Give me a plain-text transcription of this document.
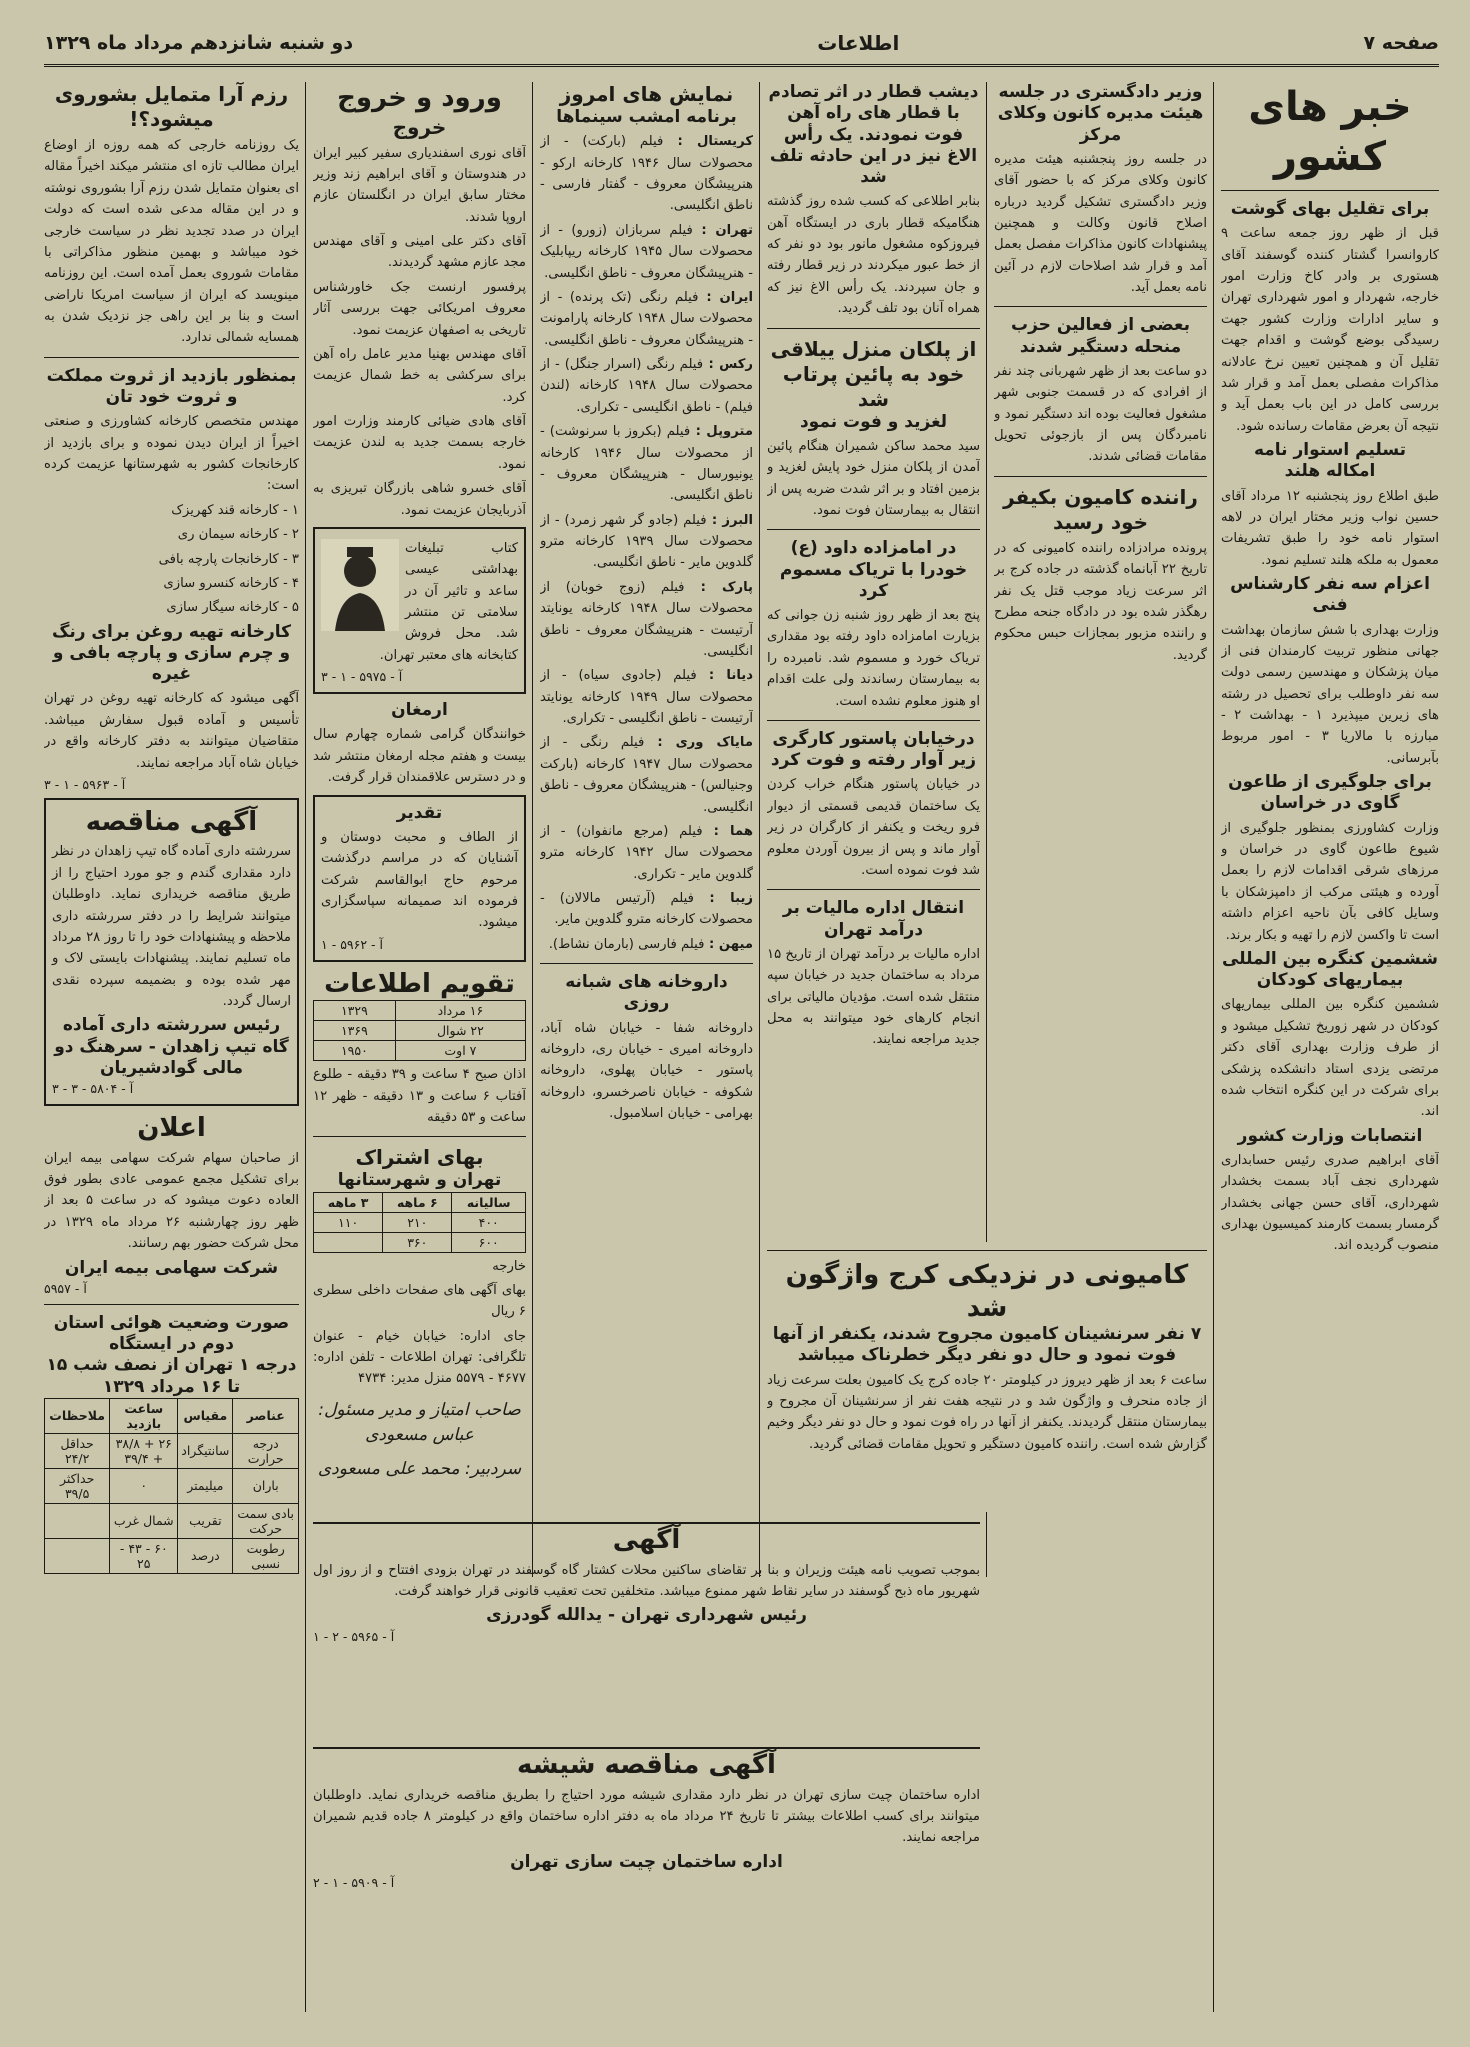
صفحه ۷
اطلاعات
دو شنبه شانزدهم مرداد ماه ۱۳۲۹
خبر های کشور
برای تقلیل بهای گوشت

قبل از ظهر روز جمعه ساعت ۹ کاروانسرا گشتار کننده گوسفند آقای هستوری بر وادر کاخ وزارت امور خارجه، شهردار و امور شهرداری تهران و سایر ادارات وزارت کشور جهت رسیدگی بوضع گوشت و اقدام جهت تقلیل آن و همچنین تعیین نرخ عادلانه مذاکرات مفصلی بعمل آمد و قرار شد بررسی کامل در این باب بعمل آید و نتیجه آن بعرض مقامات رسانده شود.

تسلیم استوار نامه
امکاله هلند

طبق اطلاع روز پنجشنبه ۱۲ مرداد آقای حسین نواب وزیر مختار ایران در لاهه استوار نامه خود را طبق تشریفات معمول به ملکه هلند تسلیم نمود.

اعزام سه نفر کارشناس فنی

وزارت بهداری با شش سازمان بهداشت جهانی منظور تربیت کارمندان فنی از میان پزشکان و مهندسین رسمی دولت سه نفر داوطلب برای تحصیل در رشته های زیرین میپذیرد ۱ - بهداشت ۲ - مبارزه با مالاریا ۳ - امور مربوط بآبرسانی.

برای جلوگیری از طاعون گاوی در خراسان

وزارت کشاورزی بمنظور جلوگیری از شیوع طاعون گاوی در خراسان و مرزهای شرقی اقدامات لازم را بعمل آورده و هیئتی مرکب از دامپزشکان با وسایل کافی بآن ناحیه اعزام داشته است تا واکسن لازم را تهیه و بکار برند.

ششمین کنگره بین المللی بیماریهای کودکان

ششمین کنگره بین المللی بیماریهای کودکان در شهر زوریخ تشکیل میشود و از طرف وزارت بهداری آقای دکتر مرتضی یزدی استاد دانشکده پزشکی برای شرکت در این کنگره انتخاب شده اند.

انتصابات وزارت کشور

آقای ابراهیم صدری رئیس حسابداری شهرداری نجف آباد بسمت بخشدار شهرداری، آقای حسن جهانی بخشدار گرمسار بسمت کارمند کمیسیون بهداری منصوب گردیده اند.

وزیر دادگستری در جلسه هیئت مدیره کانون وکلای مرکز

در جلسه روز پنجشنبه هیئت مدیره کانون وکلای مرکز که با حضور آقای وزیر دادگستری تشکیل گردید درباره اصلاح قانون وکالت و همچنین پیشنهادات کانون مذاکرات مفصل بعمل آمد و قرار شد اصلاحات لازم در آئین نامه بعمل آید.

بعضی از فعالین حزب منحله دستگیر شدند

دو ساعت بعد از ظهر شهربانی چند نفر از افرادی که در قسمت جنوبی شهر مشغول فعالیت بوده اند دستگیر نمود و نامبردگان پس از بازجوئی تحویل مقامات قضائی شدند.

راننده کامیون بکیفر خود رسید

پرونده مرادزاده راننده کامیونی که در تاریخ ۲۲ آبانماه گذشته در جاده کرج بر اثر سرعت زیاد موجب قتل یک نفر رهگذر شده بود در دادگاه جنحه مطرح و راننده مزبور بمجازات حبس محکوم گردید.

کامیونی در نزدیکی کرج واژگون شد
۷ نفر سرنشینان کامیون مجروح شدند، یکنفر از آنها فوت نمود و حال دو نفر دیگر خطرناک میباشد

ساعت ۶ بعد از ظهر دیروز در کیلومتر ۲۰ جاده کرج یک کامیون بعلت سرعت زیاد از جاده منحرف و واژگون شد و در نتیجه هفت نفر از سرنشینان آن مجروح و بیمارستان منتقل گردیدند. یکنفر از آنها در راه فوت نمود و حال دو نفر دیگر وخیم گزارش شده است. راننده کامیون دستگیر و تحویل مقامات قضائی گردید.

دیشب قطار در اثر تصادم با قطار های راه آهن فوت نمودند. یک رأس الاغ نیز در این حادثه تلف شد

بنابر اطلاعی که کسب شده روز گذشته هنگامیکه قطار باری در ایستگاه آهن فیروزکوه مشغول مانور بود دو نفر که از خط عبور میکردند در زیر قطار رفته و جان سپردند. یک رأس الاغ نیز که همراه آنان بود تلف گردید.

از پلکان منزل ییلاقی خود به پائین پرتاب شد
لغزید و فوت نمود

سید محمد ساکن شمیران هنگام پائین آمدن از پلکان منزل خود پایش لغزید و بزمین افتاد و بر اثر شدت ضربه پس از انتقال به بیمارستان فوت نمود.

در امامزاده داود (ع) خودرا با تریاک مسموم کرد

پنج بعد از ظهر روز شنبه زن جوانی که بزیارت امامزاده داود رفته بود مقداری تریاک خورد و مسموم شد. نامبرده را به بیمارستان رساندند ولی علت اقدام او هنوز معلوم نشده است.

درخیابان پاستور کارگری زیر آوار رفته و فوت کرد

در خیابان پاستور هنگام خراب کردن یک ساختمان قدیمی قسمتی از دیوار فرو ریخت و یکنفر از کارگران در زیر آوار ماند و پس از بیرون آوردن معلوم شد فوت نموده است.

انتقال اداره مالیات بر درآمد تهران

اداره مالیات بر درآمد تهران از تاریخ ۱۵ مرداد به ساختمان جدید در خیابان سپه منتقل شده است. مؤدیان مالیاتی برای انجام کارهای خود میتوانند به محل جدید مراجعه نمایند.

نمایش های امروز
برنامه امشب سینماها

کریستال : فیلم (بارکت) - از محصولات سال ۱۹۴۶ کارخانه ارکو - هنرپیشگان معروف - گفتار فارسی - ناطق انگلیسی.

تهران : فیلم سربازان (زورو) - از محصولات سال ۱۹۴۵ کارخانه ریپابلیک - هنرپیشگان معروف - ناطق انگلیسی.

ایران : فیلم رنگی (تک پرنده) - از محصولات سال ۱۹۴۸ کارخانه پارامونت - هنرپیشگان معروف - ناطق انگلیسی.

رکس : فیلم رنگی (اسرار جنگل) - از محصولات سال ۱۹۴۸ کارخانه (لندن فیلم) - ناطق انگلیسی - تکراری.

متروپل : فیلم (بکروز با سرنوشت) - از محصولات سال ۱۹۴۶ کارخانه یونیورسال - هنرپیشگان معروف - ناطق انگلیسی.

البرز : فیلم (جادو گر شهر زمرد) - از محصولات سال ۱۹۳۹ کارخانه مترو گلدوین مایر - ناطق انگلیسی.

پارک : فیلم (زوج خوبان) از محصولات سال ۱۹۴۸ کارخانه یونایتد آرتیست - هنرپیشگان معروف - ناطق انگلیسی.

دیانا : فیلم (جادوی سیاه) - از محصولات سال ۱۹۴۹ کارخانه یونایتد آرتیست - ناطق انگلیسی - تکراری.

مایاک وری : فیلم رنگی - از محصولات سال ۱۹۴۷ کارخانه (بارکت وجنیالس) - هنرپیشگان معروف - ناطق انگلیسی.

هما : فیلم (مرجع مانفوان) - از محصولات سال ۱۹۴۲ کارخانه مترو گلدوین مایر - تکراری.

زیبا : فیلم (آرتیس مالالان) - محصولات کارخانه مترو گلدوین مایر.

میهن : فیلم فارسی (بارمان نشاط).

داروخانه های شبانه روزی

داروخانه شفا - خیابان شاه آباد، داروخانه امیری - خیابان ری، داروخانه پاستور - خیابان پهلوی، داروخانه شکوفه - خیابان ناصرخسرو، داروخانه بهرامی - خیابان اسلامبول.

ورود و خروج
خروج

آقای نوری اسفندیاری سفیر کبیر ایران در هندوستان و آقای ابراهیم زند وزیر مختار سابق ایران در انگلستان عازم اروپا شدند.

آقای دکتر علی امینی و آقای مهندس مجد عازم مشهد گردیدند.

پرفسور ارنست جک خاورشناس معروف امریکائی جهت بررسی آثار تاریخی به اصفهان عزیمت نمود.

آقای مهندس بهنیا مدیر عامل راه آهن برای سرکشی به خط شمال عزیمت کرد.

آقای هادی ضیائی کارمند وزارت امور خارجه بسمت جدید به لندن عزیمت نمود.

آقای خسرو شاهی بازرگان تبریزی به آذربایجان عزیمت نمود.

کتاب تبلیغات بهداشتی عیسی ساعد و تاثیر آن در سلامتی تن منتشر شد. محل فروش کتابخانه های معتبر تهران.

آ - ۵۹۷۵ - ۱ - ۳
ارمغان

خوانندگان گرامی شماره چهارم سال بیست و هفتم مجله ارمغان منتشر شد و در دسترس علاقمندان قرار گرفت.

تقدیر

از الطاف و محبت دوستان و آشنایان که در مراسم درگذشت مرحوم حاج ابوالقاسم شرکت فرموده اند صمیمانه سپاسگزاری میشود.

آ - ۵۹۶۲ - ۱
تقویم اطلاعات
۱۶ مرداد	۱۳۲۹
۲۲ شوال	۱۳۶۹
۷ اوت	۱۹۵۰

اذان صبح ۴ ساعت و ۳۹ دقیقه - طلوع آفتاب ۶ ساعت و ۱۳ دقیقه - ظهر ۱۲ ساعت و ۵۳ دقیقه

بهای اشتراک
تهران و شهرستانها
سالیانه	۶ ماهه	۳ ماهه
۴۰۰	۲۱۰	۱۱۰
۶۰۰	۳۶۰	

خارجه

بهای آگهی های صفحات داخلی سطری ۶ ریال

جای اداره: خیابان خیام - عنوان تلگرافی: تهران اطلاعات - تلفن اداره: ۴۶۷۷ - ۵۵۷۹ منزل مدیر: ۴۷۳۴

صاحب امتیاز و مدیر مسئول: عباس مسعودی
سردبیر: محمد علی مسعودی
رزم آرا متمایل بشوروی میشود؟!

یک روزنامه خارجی که همه روزه از اوضاع ایران مطالب تازه ای منتشر میکند اخیراً مقاله ای بعنوان متمایل شدن رزم آرا بشوروی نوشته و در این مقاله مدعی شده است که دولت ایران در صدد تجدید نظر در سیاست خارجی خود میباشد و بهمین منظور مذاکراتی با مقامات شوروی بعمل آمده است. این روزنامه مینویسد که ایران از سیاست امریکا ناراضی است و بنا بر این راهی جز نزدیک شدن به همسایه شمالی ندارد.

بمنظور بازدید از ثروت مملکت و ثروت خود تان

مهندس متخصص کارخانه کشاورزی و صنعتی اخیراً از ایران دیدن نموده و برای بازدید از کارخانجات کشور به شهرستانها عزیمت کرده است:

۱ - کارخانه قند کهریزک

۲ - کارخانه سیمان ری

۳ - کارخانجات پارچه بافی

۴ - کارخانه کنسرو سازی

۵ - کارخانه سیگار سازی

کارخانه تهیه روغن برای رنگ و چرم سازی و پارچه بافی و غیره

آگهی میشود که کارخانه تهیه روغن در تهران تأسیس و آماده قبول سفارش میباشد. متقاضیان میتوانند به دفتر کارخانه واقع در خیابان شاه آباد مراجعه نمایند.

آ - ۵۹۶۳ - ۱ - ۳
آگهی مناقصه

سررشته داری آماده گاه تیپ زاهدان در نظر دارد مقداری گندم و جو مورد احتیاج را از طریق مناقصه خریداری نماید. داوطلبان میتوانند شرایط را در دفتر سررشته داری ملاحظه و پیشنهادات خود را تا روز ۲۸ مرداد ماه تسلیم نمایند. پیشنهادات بایستی لاک و مهر شده بوده و بضمیمه سپرده نقدی ارسال گردد.

رئیس سررشته داری آماده گاه تیپ زاهدان - سرهنگ دو مالی گوادشیریان
آ - ۵۸۰۴ - ۳ - ۳
اعلان

از صاحبان سهام شرکت سهامی بیمه ایران برای تشکیل مجمع عمومی عادی بطور فوق العاده دعوت میشود که در ساعت ۵ بعد از ظهر روز چهارشنبه ۲۶ مرداد ماه ۱۳۲۹ در محل شرکت حضور بهم رسانند.

شرکت سهامی بیمه ایران
آ - ۵۹۵۷
صورت وضعیت هوائی استان دوم در ایستگاه
درجه ۱ تهران از نصف شب ۱۵ تا ۱۶ مرداد ۱۳۲۹
عناصر	مقیاس	ساعت بازدید	ملاحظات
درجه حرارت	سانتیگراد	۲۶ + ۳۸/۸ + ۳۹/۴	حداقل ۲۴/۲
باران	میلیمتر	۰	حداکثر ۳۹/۵
بادی سمت حرکت	تقریب	شمال غرب	
رطوبت نسبی	درصد	۶۰ - ۴۳ - ۲۵	
آگهی

بموجب تصویب نامه هیئت وزیران و بنا بر تقاضای ساکنین محلات کشتار گاه گوسفند در تهران بزودی افتتاح و از روز اول شهریور ماه ذبح گوسفند در سایر نقاط شهر ممنوع میباشد. متخلفین تحت تعقیب قانونی قرار خواهند گرفت.

رئیس شهرداری تهران - یدالله گودرزی
آ - ۵۹۶۵ - ۲ - ۱
آگهی مناقصه شیشه

اداره ساختمان چیت سازی تهران در نظر دارد مقداری شیشه مورد احتیاج را بطریق مناقصه خریداری نماید. داوطلبان میتوانند برای کسب اطلاعات بیشتر تا تاریخ ۲۴ مرداد ماه به دفتر اداره ساختمان واقع در کیلومتر ۸ جاده قدیم شمیران مراجعه نمایند.

اداره ساختمان چیت سازی تهران
آ - ۵۹۰۹ - ۱ - ۲
